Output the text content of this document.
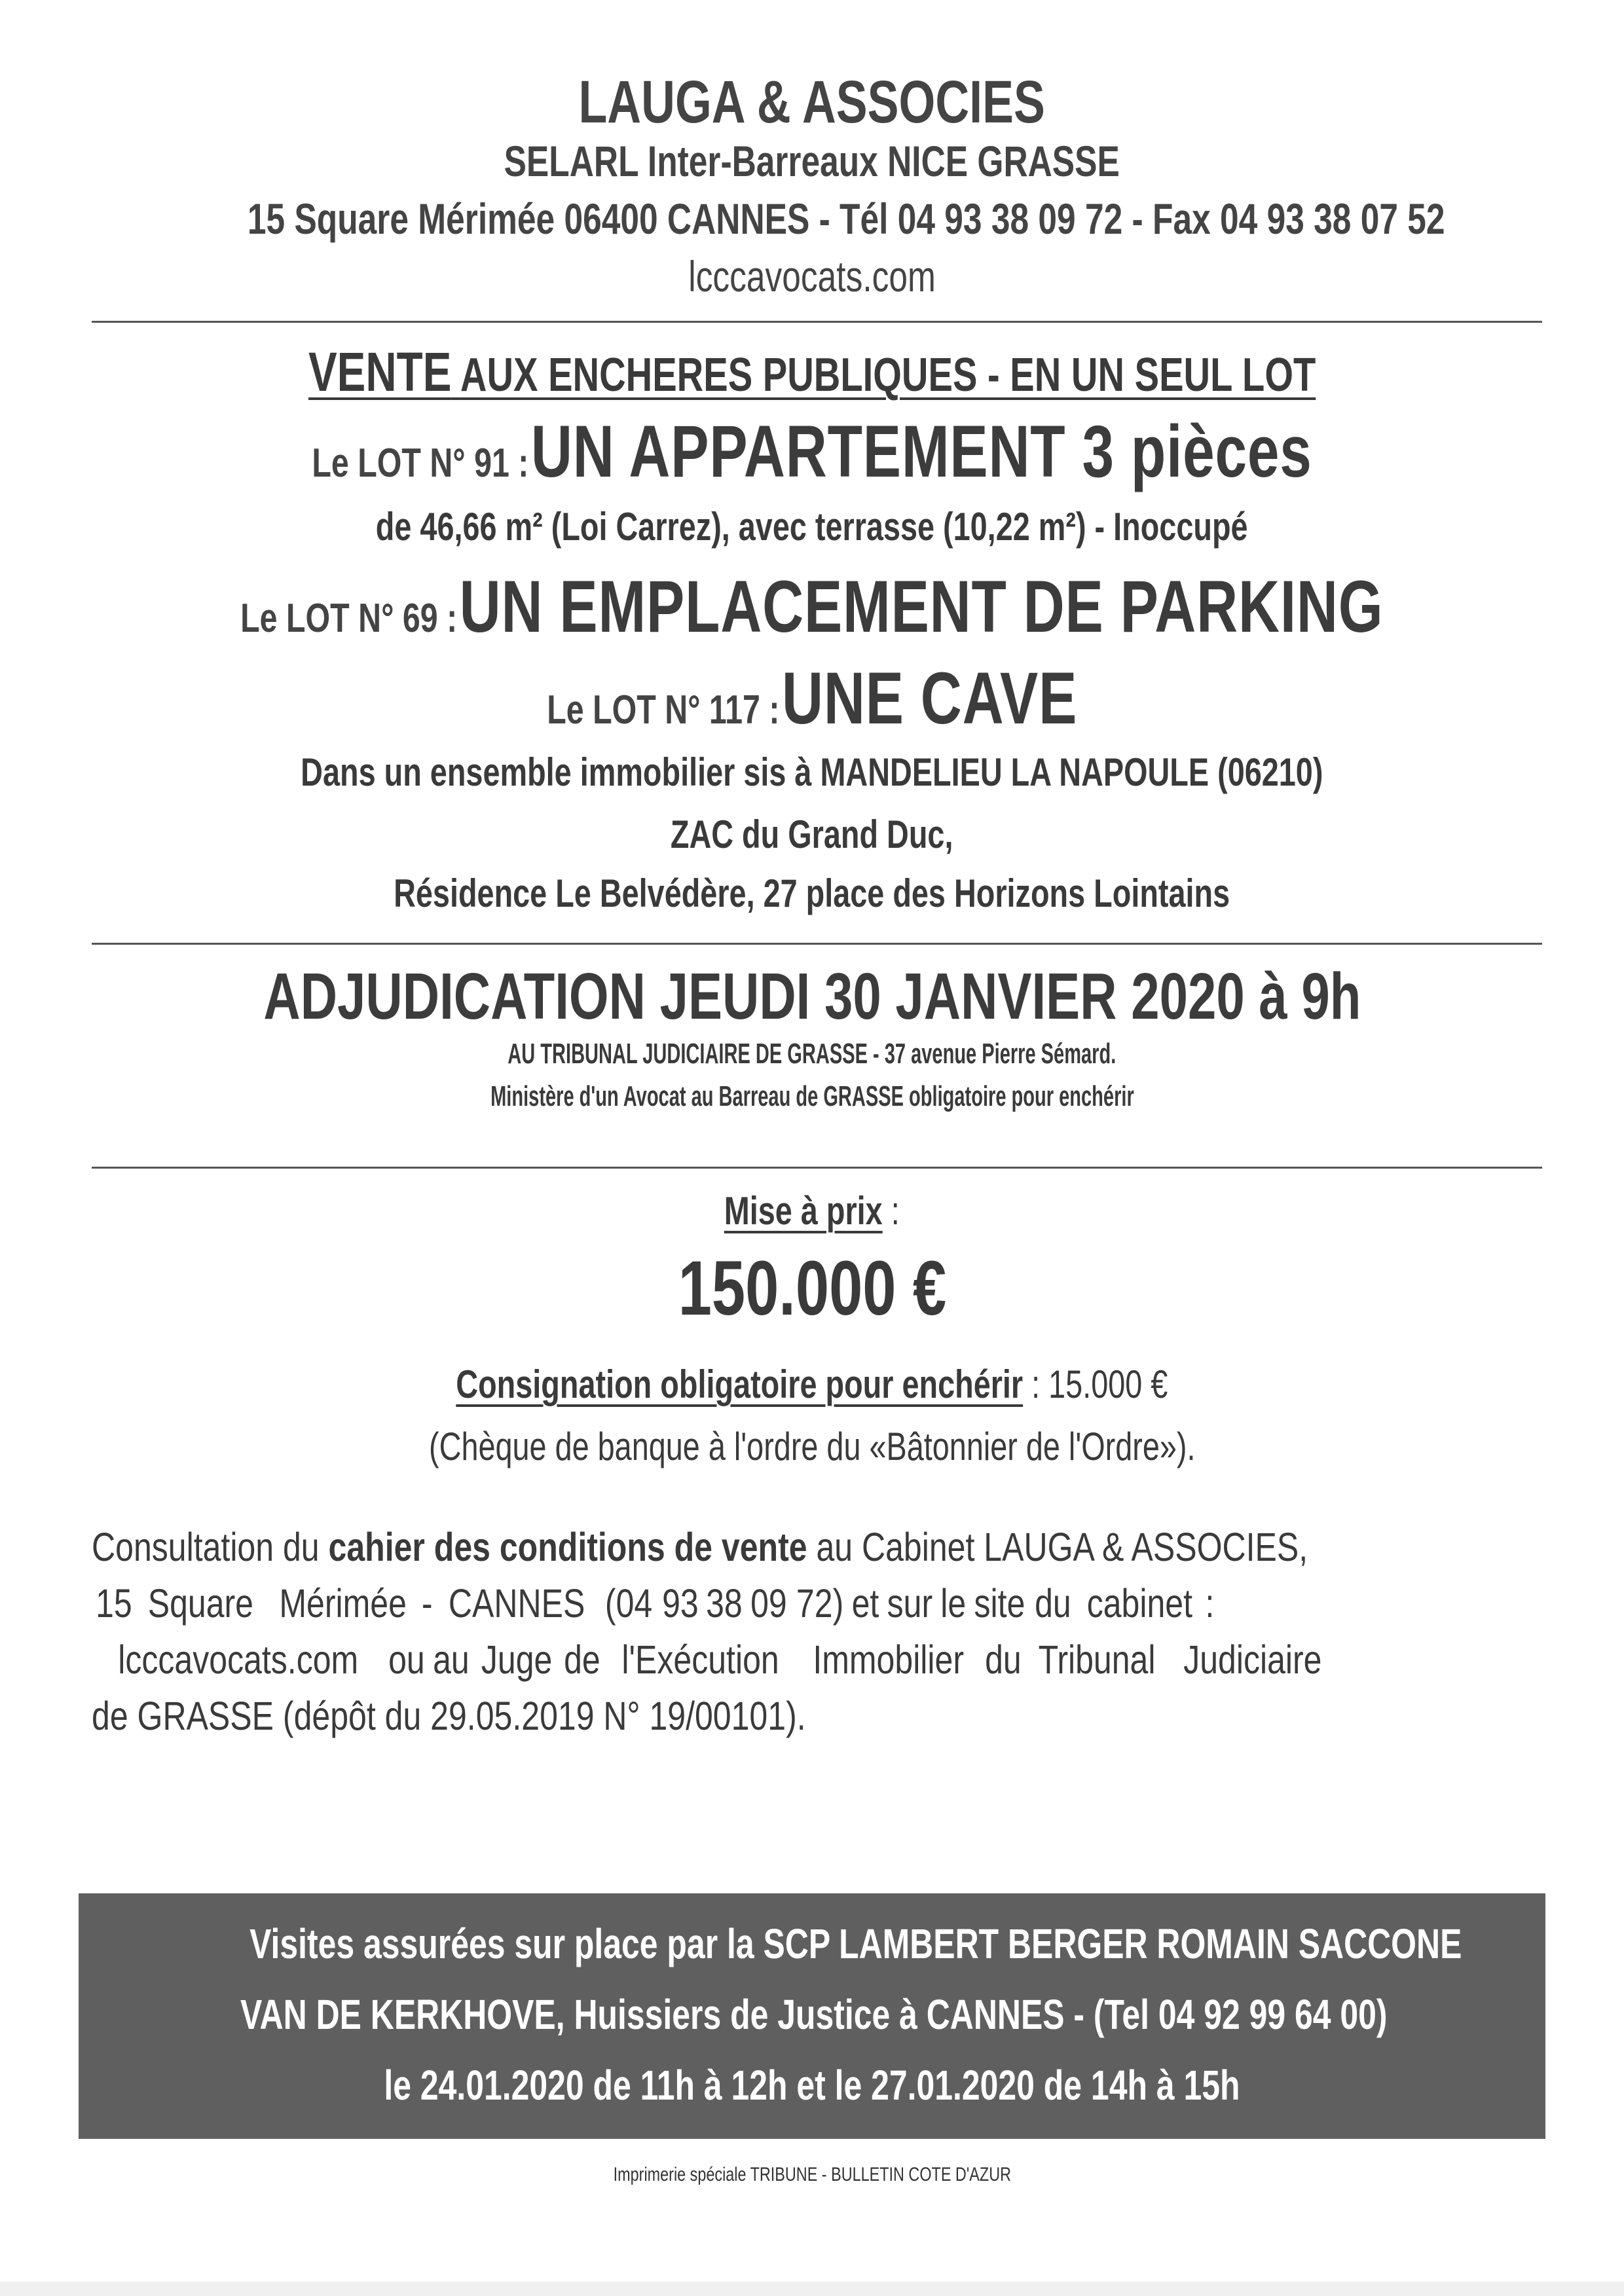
LAUGA & ASSOCIES
SELARL Inter-Barreaux NICE GRASSE
15 Square Mérimée 06400 CANNES - Tél 04 93 38 09 72 - Fax 04 93 38 07 52
lcccavocats.com
VENTE AUX ENCHERES PUBLIQUES - EN UN SEUL LOT
Le LOT N° 91 : UN APPARTEMENT 3 pièces
de 46,66 m² (Loi Carrez), avec terrasse (10,22 m²) - Inoccupé
Le LOT N° 69 : UN EMPLACEMENT DE PARKING
Le LOT N° 117 : UNE CAVE
Dans un ensemble immobilier sis à MANDELIEU LA NAPOULE (06210)
ZAC du Grand Duc,
Résidence Le Belvédère, 27 place des Horizons Lointains
ADJUDICATION JEUDI 30 JANVIER 2020 à 9h
AU TRIBUNAL JUDICIAIRE DE GRASSE - 37 avenue Pierre Sémard.
Ministère d'un Avocat au Barreau de GRASSE obligatoire pour enchérir
Mise à prix :
150.000 €
Consignation obligatoire pour enchérir : 15.000 €
(Chèque de banque à l'ordre du «Bâtonnier de l'Ordre»).
Consultation du cahier des conditions de vente au Cabinet LAUGA & ASSOCIES,
15 Square Mérimée - CANNES (04 93 38 09 72) et sur le site du cabinet :
lcccavocats.com ou au Juge de l'Exécution Immobilier du Tribunal Judiciaire
de GRASSE (dépôt du 29.05.2019 N° 19/00101).
Visites assurées sur place par la SCP LAMBERT BERGER ROMAIN SACCONE
VAN DE KERKHOVE, Huissiers de Justice à CANNES - (Tel 04 92 99 64 00)
le 24.01.2020 de 11h à 12h et le 27.01.2020 de 14h à 15h
Imprimerie spéciale TRIBUNE - BULLETIN COTE D'AZUR
